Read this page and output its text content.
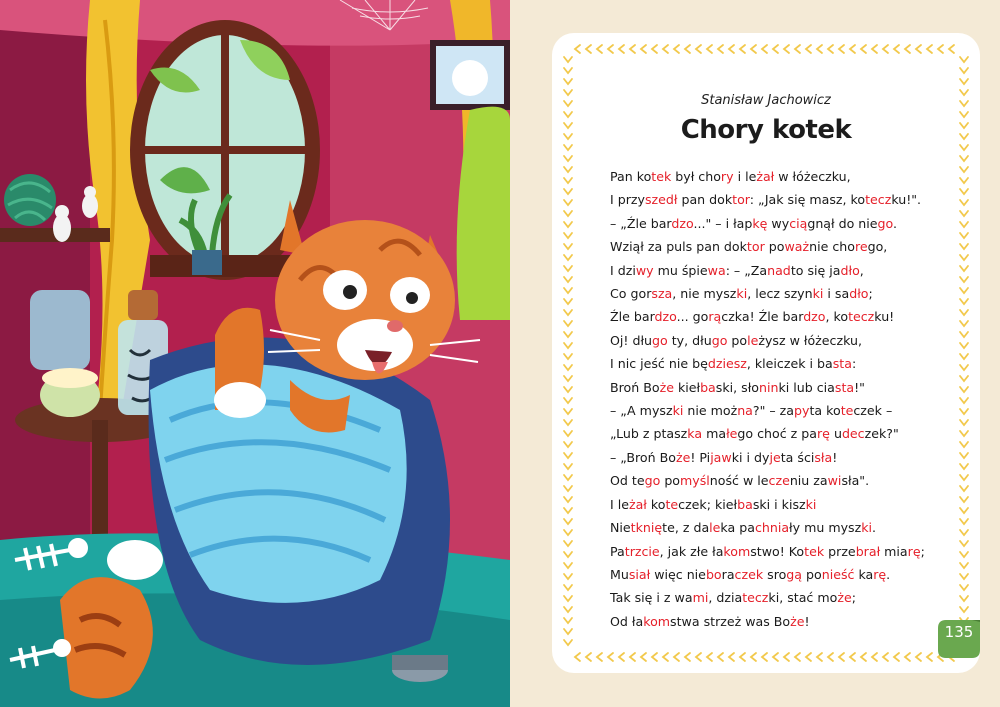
Stanisław Jachowicz
Chory kotek
Pan kotek był chory i leżał w łóżeczku,
I przyszedł pan doktor: „Jak się masz, koteczku!".
– „Źle bardzo..." – i łapkę wyciągnął do niego.
Wziął za puls pan doktor poważnie chorego,
I dziwy mu śpiewa: – „Zanadto się jadło,
Co gorsza, nie myszki, lecz szynki i sadło;
Źle bardzo... gorączka! Źle bardzo, koteczku!
Oj! długo ty, długo poleżysz w łóżeczku,
I nic jeść nie będziesz, kleiczek i basta:
Broń Boże kiełbaski, słoninki lub ciasta!"
– „A myszki nie można?" – zapyta koteczek –
„Lub z ptaszka małego choć z parę udeczek?"
– „Broń Boże! Pijawki i dyjeta ścisła!
Od tego pomyślność w leczeniu zawisła".
I leżał koteczek; kiełbaski i kiszki
Nietknięte, z daleka pachniały mu myszki.
Patrzcie, jak złe łakomstwo! Kotek przebrał miarę;
Musiał więc nieboraczek srogą ponieść karę.
Tak się i z wami, dziateczki, stać może;
Od łakomstwa strzeż was Boże!
135
